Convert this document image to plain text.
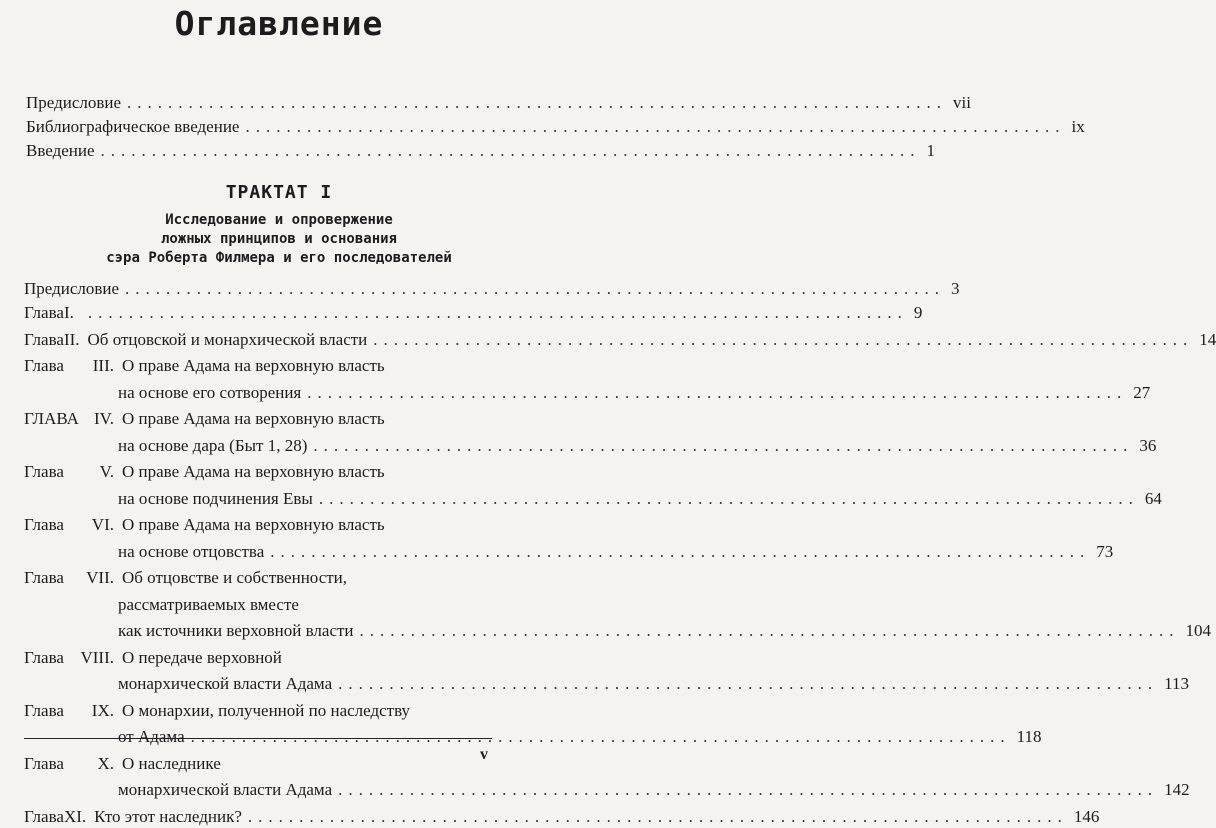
Оглавление
Предисловие ................................................................................ vii
Библиографическое введение ................................................................................ ix
Введение ................................................................................ 1
ТРАКТАТ I
Исследование и опровержение
ложных принципов и основания
сэра Роберта Филмера и его последователей
Предисловие ................................................................................ 3
Глава I. ................................................................................ 9
Глава II. Об отцовской и монархической власти ................................................................................ 14
Глава	III. О праве Адама на верховную власть
на основе его сотворения ................................................................................ 27
ГЛАВА IV. О праве Адама на верховную власть
на основе дара (Быт 1, 28) ................................................................................ 36
Глава	V. О праве Адама на верховную власть
на основе подчинения Евы ................................................................................ 64
Глава	VI. О праве Адама на верховную власть
на основе отцовства ................................................................................ 73
Глава	VII. Об отцовстве и собственности,
рассматриваемых вместе
как источники верховной власти ................................................................................ 104
Глава VIII. О передаче верховной
монархической власти Адама ................................................................................ 113
Глава	IX. О монархии, полученной по наследству
от Адама ................................................................................ 118
Глава	X. О наследнике
монархической власти Адама ................................................................................ 142
Глава XI. Кто этот наследник? ................................................................................ 146
v
